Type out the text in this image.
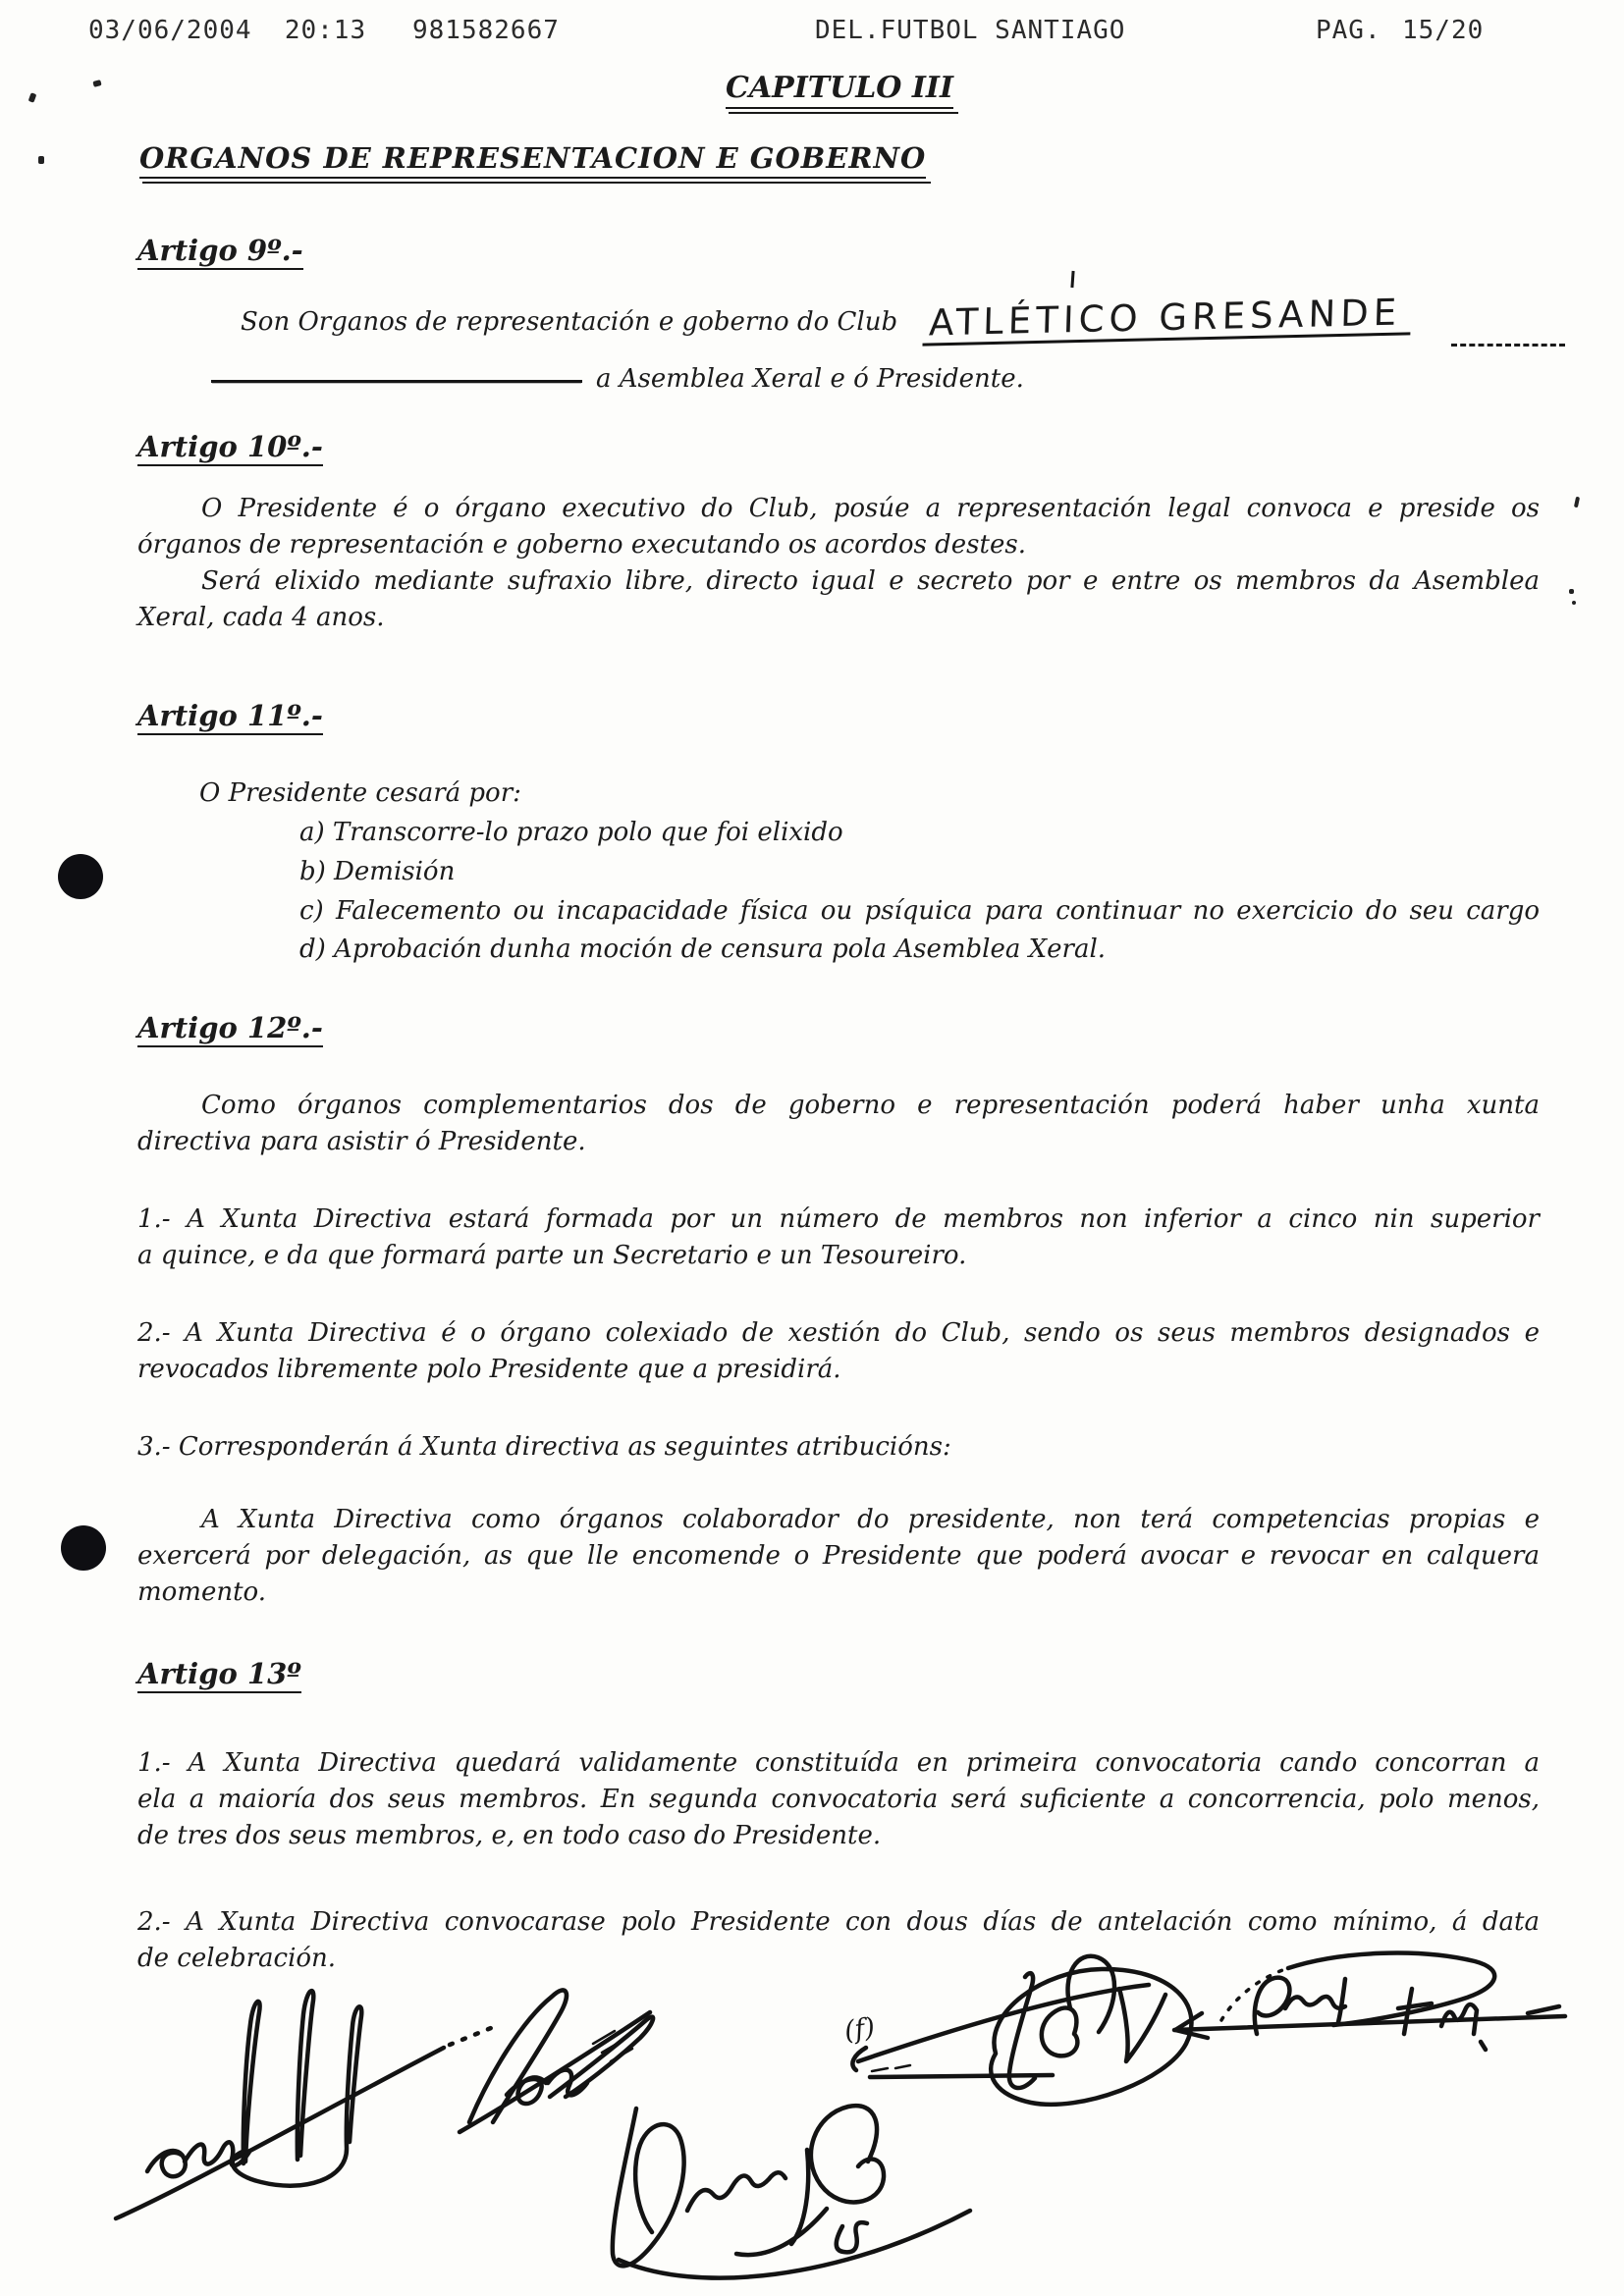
03/06/2004  20:13 981582667	DEL.FUTBOL SANTIAGO	PAG. 15/20
CAPITULO III
ORGANOS DE REPRESENTACION E GOBERNO
Artigo 9º.-
Son Organos de representación e goberno do Club ATLÉTICO GRESANDE
a Asemblea Xeral e ó Presidente.
Artigo 10º.-
O Presidente é o órgano executivo do Club, posúe a representación legal convoca e preside os
órganos de representación e goberno executando os acordos destes.
Será elixido mediante sufraxio libre, directo igual e secreto por e entre os membros da Asemblea
Xeral, cada 4 anos.
Artigo 11º.-
O Presidente cesará por:
a) Transcorre-lo prazo polo que foi elixido
b) Demisión
c) Falecemento ou incapacidade física ou psíquica para continuar no exercicio do seu cargo
d) Aprobación dunha moción de censura pola Asemblea Xeral.
Artigo 12º.-
Como órganos complementarios dos de goberno e representación poderá haber unha xunta
directiva para asistir ó Presidente.
1.- A Xunta Directiva estará formada por un número de membros non inferior a cinco nin superior
a quince, e da que formará parte un Secretario e un Tesoureiro.
2.- A Xunta Directiva é o órgano colexiado de xestión do Club, sendo os seus membros designados e
revocados libremente polo Presidente que a presidirá.
3.- Corresponderán á Xunta directiva as seguintes atribucións:
A Xunta Directiva como órganos colaborador do presidente, non terá competencias propias e
exercerá por delegación, as que lle encomende o Presidente que poderá avocar e revocar en calquera
momento.
Artigo 13º
1.- A Xunta Directiva quedará validamente constituída en primeira convocatoria cando concorran a
ela a maioría dos seus membros. En segunda convocatoria será suficiente a concorrencia, polo menos,
de tres dos seus membros, e, en todo caso do Presidente.
2.- A Xunta Directiva convocarase polo Presidente con dous días de antelación como mínimo, á data
de celebración.
(f)
